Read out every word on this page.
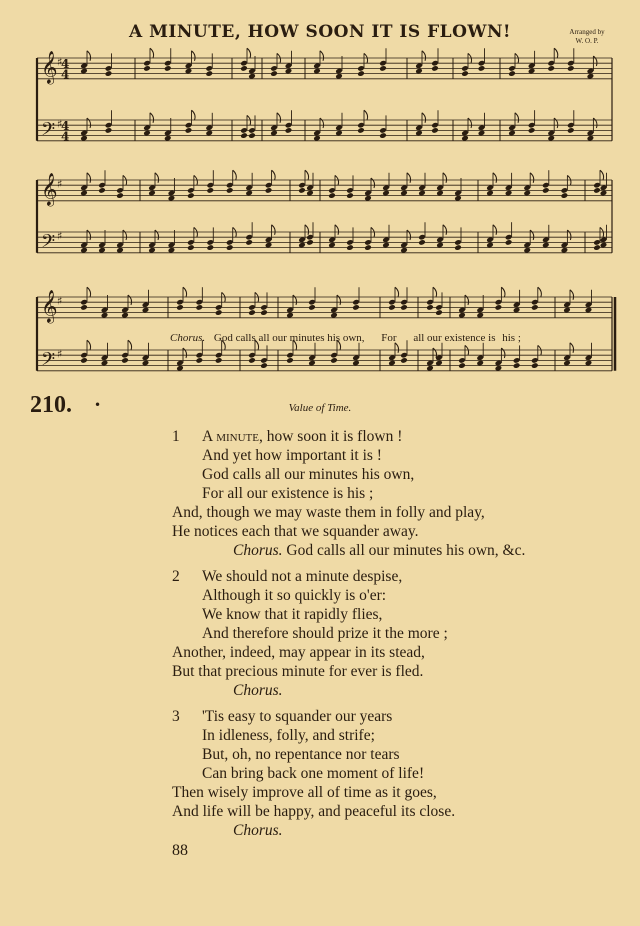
A MINUTE, HOW SOON IT IS FLOWN!	Arranged by
W. O. P.
𝄞 ♯
𝄢 ♯
𝄞 ♯
𝄢 ♯
𝄞 ♯
𝄢 ♯
4
4
4
4
Chorus. God calls all our minutes his own, For all our existence is his ;
210. •	Value of Time.
1 A minute, how soon it is flown !
And yet how important it is !
God calls all our minutes his own,
For all our existence is his ;
And, though we may waste them in folly and play,
He notices each that we squander away.
Chorus. God calls all our minutes his own, &c.
2 We should not a minute despise,
Although it so quickly is o'er:
We know that it rapidly flies,
And therefore should prize it the more ;
Another, indeed, may appear in its stead,
But that precious minute for ever is fled.
Chorus.
3 'Tis easy to squander our years
In idleness, folly, and strife;
But, oh, no repentance nor tears
Can bring back one moment of life!
Then wisely improve all of time as it goes,
And life will be happy, and peaceful its close.
Chorus.
88
